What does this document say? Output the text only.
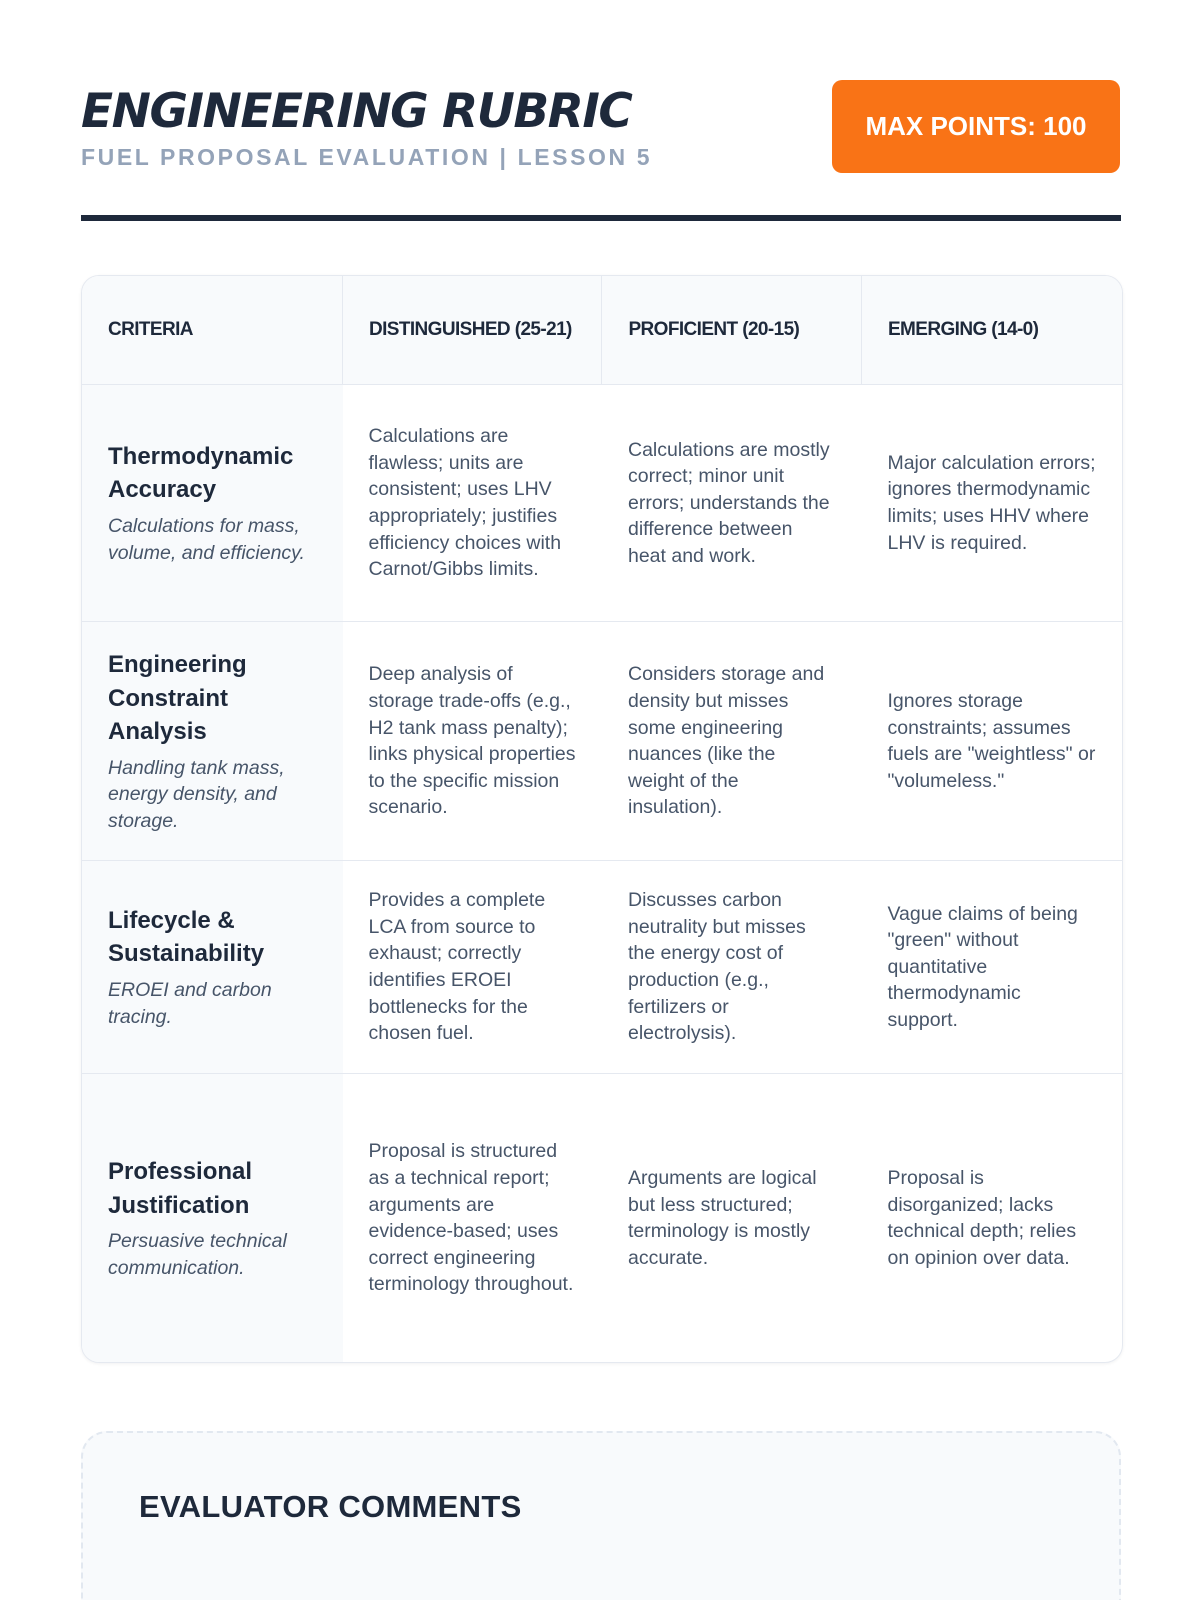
ENGINEERING RUBRIC
FUEL PROPOSAL EVALUATION | LESSON 5
MAX POINTS: 100
CRITERIA	DISTINGUISHED (25-21)	PROFICIENT (20-15)	EMERGING (14-0)

Thermodynamic Accuracy
Calculations for mass, volume, and efficiency.	Calculations are flawless; units are consistent; uses LHV appropriately; justifies efficiency choices with Carnot/Gibbs limits.	Calculations are mostly correct; minor unit errors; understands the difference between heat and work.	Major calculation errors; ignores thermodynamic limits; uses HHV where LHV is required.

Engineering Constraint Analysis
Handling tank mass, energy density, and storage.	Deep analysis of storage trade-offs (e.g., H2 tank mass penalty); links physical properties to the specific mission scenario.	Considers storage and density but misses some engineering nuances (like the weight of the insulation).	Ignores storage constraints; assumes fuels are "weightless" or "volumeless."

Lifecycle & Sustainability
EROEI and carbon tracing.	Provides a complete LCA from source to exhaust; correctly identifies EROEI bottlenecks for the chosen fuel.	Discusses carbon neutrality but misses the energy cost of production (e.g., fertilizers or electrolysis).	Vague claims of being "green" without quantitative thermodynamic support.

Professional Justification
Persuasive technical communication.	Proposal is structured as a technical report; arguments are evidence-based; uses correct engineering terminology throughout.	Arguments are logical but less structured; terminology is mostly accurate.	Proposal is disorganized; lacks technical depth; relies on opinion over data.
EVALUATOR COMMENTS
